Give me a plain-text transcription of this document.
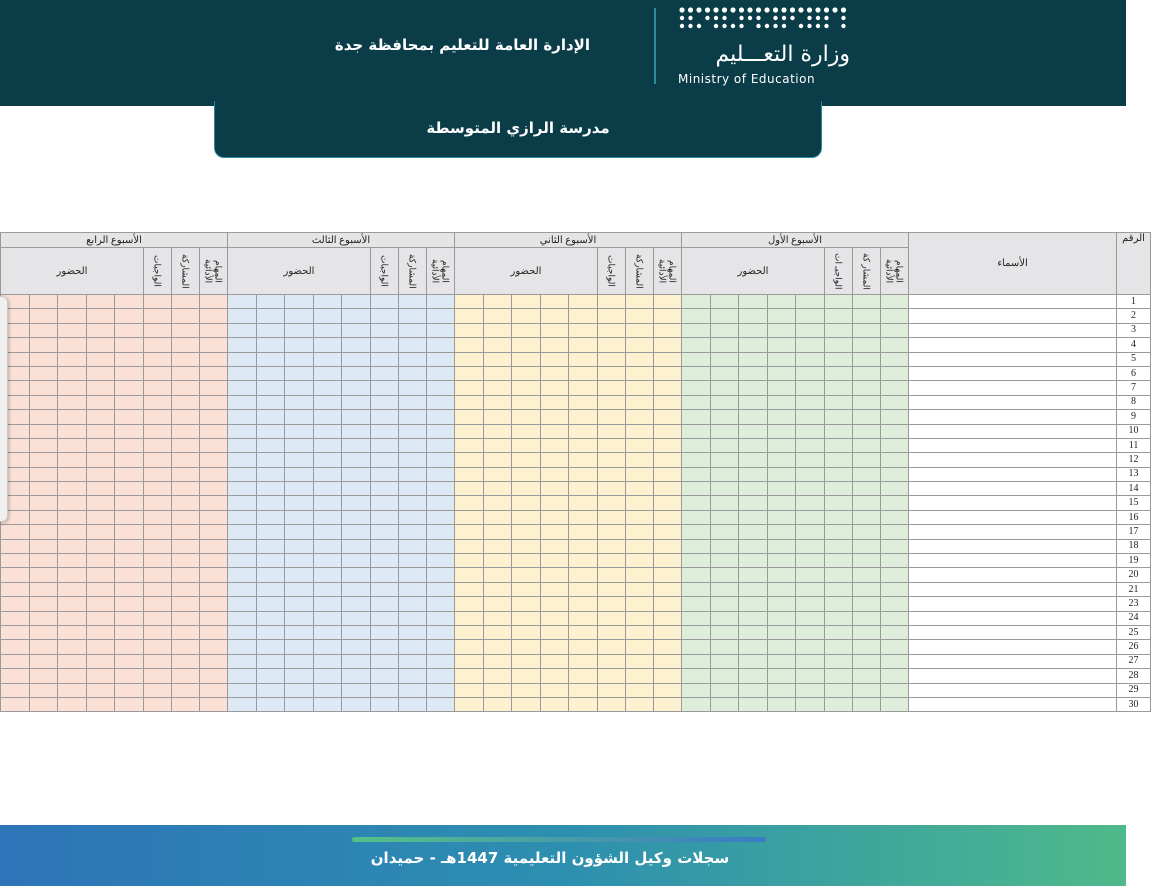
الإدارة العامة للتعليم بمحافظة جدة	وزارة التعـــليم
Ministry of Education
مدرسة الرازي المتوسطة
الرقم	الأسماء	الأسبوع الأول								الأسبوع الثاني								الأسبوع الثالث								الأسبوع الرابع							

		المهام الأدائية	المشار كة	الواجبـ ات	الحضور					المهام الأدائية	المشاركة	الواجبات	الحضور					المهام الأدائية	المشاركة	الواجبات	الحضور					المهام الأدائية	المشاركة	الواجبات	الحضور				
1																																	
2																																	
3																																	
4																																	
5																																	
6																																	
7																																	
8																																	
9																																	
10																																	
11																																	
12																																	
13																																	
14																																	
15																																	
16																																	
17																																	
18																																	
19																																	
20																																	
21																																	
23																																	
24																																	
25																																	
26																																	
27																																	
28																																	
29																																	
30																																	
سجلات وكيل الشؤون التعليمية 1447هـ - حميدان
